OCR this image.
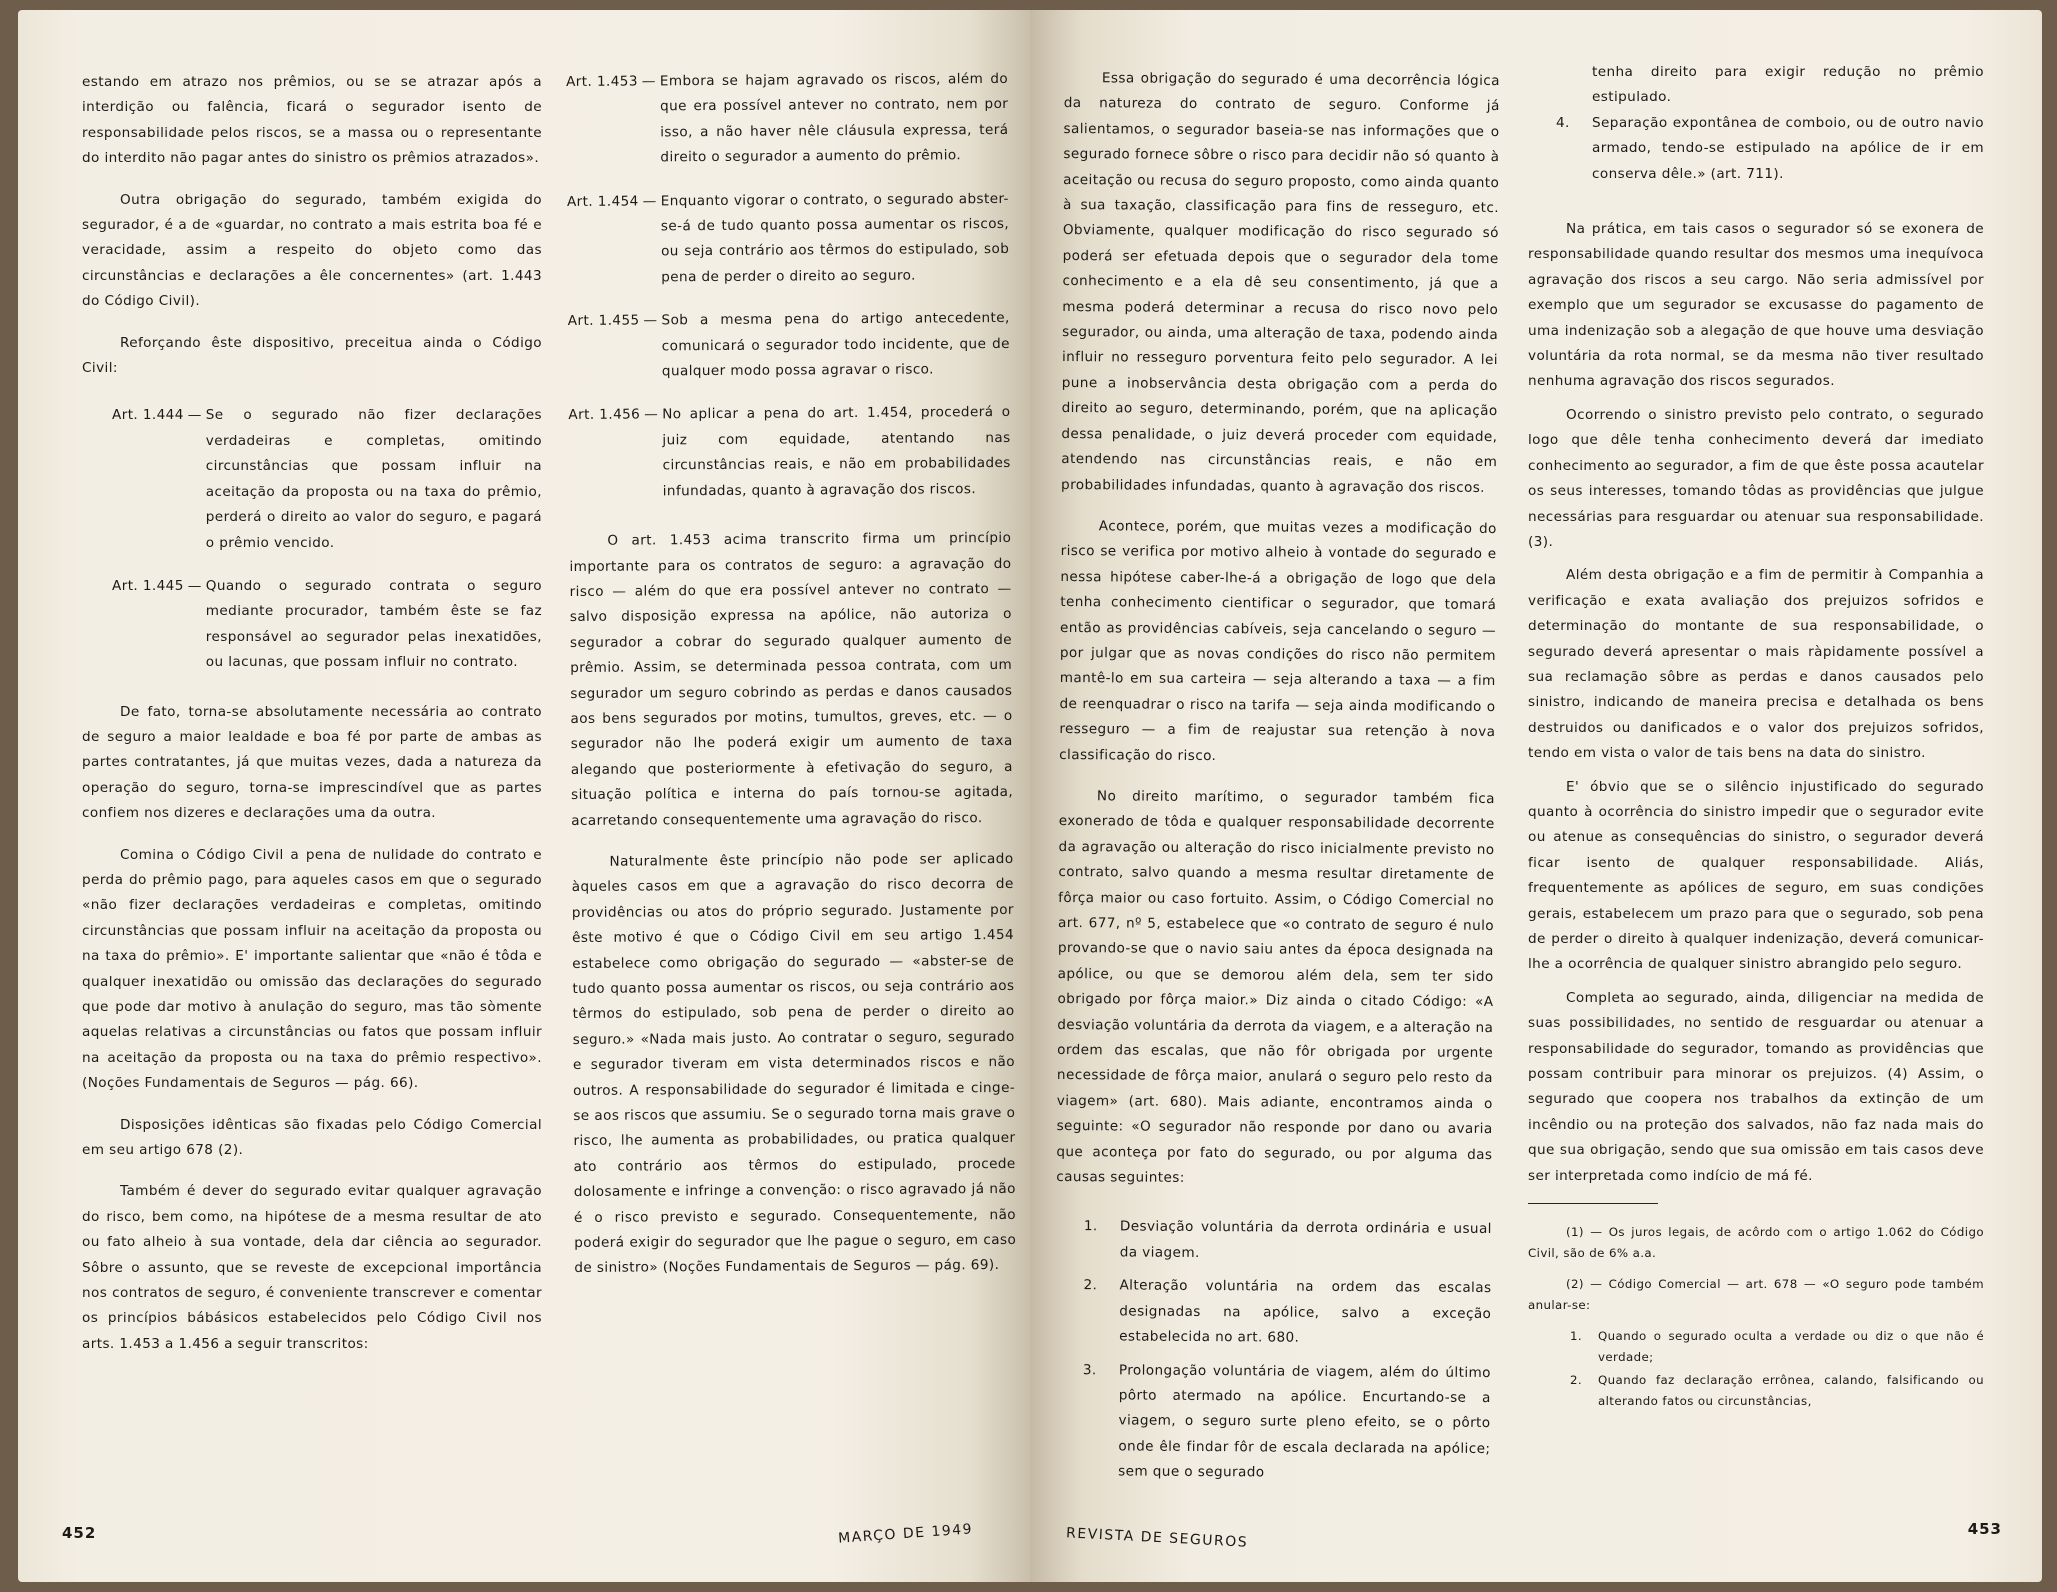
estando em atrazo nos prêmios, ou se se atrazar após a interdição ou falência, ficará o segurador isento de responsabilidade pelos riscos, se a massa ou o representante do interdito não pagar antes do sinistro os prêmios atrazados».

Outra obrigação do segurado, também exigida do segurador, é a de «guardar, no contrato a mais estrita boa fé e veracidade, assim a respeito do objeto como das circunstâncias e declarações a êle concernentes» (art. 1.443 do Código Civil).

Reforçando êste dispositivo, preceitua ainda o Código Civil:

Art. 1.444 — Se o segurado não fizer declarações verdadeiras e completas, omitindo circunstâncias que possam influir na aceitação da proposta ou na taxa do prêmio, perderá o direito ao valor do seguro, e pagará o prêmio vencido.
Art. 1.445 — Quando o segurado contrata o seguro mediante procurador, também êste se faz responsável ao segurador pelas inexatidões, ou lacunas, que possam influir no contrato.

De fato, torna-se absolutamente necessária ao contrato de seguro a maior lealdade e boa fé por parte de ambas as partes contratantes, já que muitas vezes, dada a natureza da operação do seguro, torna-se imprescindível que as partes confiem nos dizeres e declarações uma da outra.

Comina o Código Civil a pena de nulidade do contrato e perda do prêmio pago, para aqueles casos em que o segurado «não fizer declarações verdadeiras e completas, omitindo circunstâncias que possam influir na aceitação da proposta ou na taxa do prêmio». E' importante salientar que «não é tôda e qualquer inexatidão ou omissão das declarações do segurado que pode dar motivo à anulação do seguro, mas tão sòmente aquelas relativas a circunstâncias ou fatos que possam influir na aceitação da proposta ou na taxa do prêmio respectivo». (Noções Fundamentais de Seguros — pág. 66).

Disposições idênticas são fixadas pelo Código Comercial em seu artigo 678 (2).

Também é dever do segurado evitar qualquer agravação do risco, bem como, na hipótese de a mesma resultar de ato ou fato alheio à sua vontade, dela dar ciência ao segurador. Sôbre o assunto, que se reveste de excepcional importância nos contratos de seguro, é conveniente transcrever e comentar os princípios bábásicos estabelecidos pelo Código Civil nos arts. 1.453 a 1.456 a seguir transcritos:

Art. 1.453 — Embora se hajam agravado os riscos, além do que era possível antever no contrato, nem por isso, a não haver nêle cláusula expressa, terá direito o segurador a aumento do prêmio.
Art. 1.454 — Enquanto vigorar o contrato, o segurado abster-se-á de tudo quanto possa aumentar os riscos, ou seja contrário aos têrmos do estipulado, sob pena de perder o direito ao seguro.
Art. 1.455 — Sob a mesma pena do artigo antecedente, comunicará o segurador todo incidente, que de qualquer modo possa agravar o risco.
Art. 1.456 — No aplicar a pena do art. 1.454, procederá o juiz com equidade, atentando nas circunstâncias reais, e não em probabilidades infundadas, quanto à agravação dos riscos.

O art. 1.453 acima transcrito firma um princípio importante para os contratos de seguro: a agravação do risco — além do que era possível antever no contrato — salvo disposição expressa na apólice, não autoriza o segurador a cobrar do segurado qualquer aumento de prêmio. Assim, se determinada pessoa contrata, com um segurador um seguro cobrindo as perdas e danos causados aos bens segurados por motins, tumultos, greves, etc. — o segurador não lhe poderá exigir um aumento de taxa alegando que posteriormente à efetivação do seguro, a situação política e interna do país tornou-se agitada, acarretando consequentemente uma agravação do risco.

Naturalmente êste princípio não pode ser aplicado àqueles casos em que a agravação do risco decorra de providências ou atos do próprio segurado. Justamente por êste motivo é que o Código Civil em seu artigo 1.454 estabelece como obrigação do segurado — «abster-se de tudo quanto possa aumentar os riscos, ou seja contrário aos têrmos do estipulado, sob pena de perder o direito ao seguro.» «Nada mais justo. Ao contratar o seguro, segurado e segurador tiveram em vista determinados riscos e não outros. A responsabilidade do segurador é limitada e cinge-se aos riscos que assumiu. Se o segurado torna mais grave o risco, lhe aumenta as probabilidades, ou pratica qualquer ato contrário aos têrmos do estipulado, procede dolosamente e infringe a convenção: o risco agravado já não é o risco previsto e segurado. Consequentemente, não poderá exigir do segurador que lhe pague o seguro, em caso de sinistro» (Noções Fundamentais de Seguros — pág. 69).

452	MARÇO DE 1949

Essa obrigação do segurado é uma decorrência lógica da natureza do contrato de seguro. Conforme já salientamos, o segurador baseia-se nas informações que o segurado fornece sôbre o risco para decidir não só quanto à aceitação ou recusa do seguro proposto, como ainda quanto à sua taxação, classificação para fins de resseguro, etc. Obviamente, qualquer modificação do risco segurado só poderá ser efetuada depois que o segurador dela tome conhecimento e a ela dê seu consentimento, já que a mesma poderá determinar a recusa do risco novo pelo segurador, ou ainda, uma alteração de taxa, podendo ainda influir no resseguro porventura feito pelo segurador. A lei pune a inobservância desta obrigação com a perda do direito ao seguro, determinando, porém, que na aplicação dessa penalidade, o juiz deverá proceder com equidade, atendendo nas circunstâncias reais, e não em probabilidades infundadas, quanto à agravação dos riscos.

Acontece, porém, que muitas vezes a modificação do risco se verifica por motivo alheio à vontade do segurado e nessa hipótese caber-lhe-á a obrigação de logo que dela tenha conhecimento cientificar o segurador, que tomará então as providências cabíveis, seja cancelando o seguro — por julgar que as novas condições do risco não permitem mantê-lo em sua carteira — seja alterando a taxa — a fim de reenquadrar o risco na tarifa — seja ainda modificando o resseguro — a fim de reajustar sua retenção à nova classificação do risco.

No direito marítimo, o segurador também fica exonerado de tôda e qualquer responsabilidade decorrente da agravação ou alteração do risco inicialmente previsto no contrato, salvo quando a mesma resultar diretamente de fôrça maior ou caso fortuito. Assim, o Código Comercial no art. 677, nº 5, estabelece que «o contrato de seguro é nulo provando-se que o navio saiu antes da época designada na apólice, ou que se demorou além dela, sem ter sido obrigado por fôrça maior.» Diz ainda o citado Código: «A desviação voluntária da derrota da viagem, e a alteração na ordem das escalas, que não fôr obrigada por urgente necessidade de fôrça maior, anulará o seguro pelo resto da viagem» (art. 680). Mais adiante, encontramos ainda o seguinte: «O segurador não responde por dano ou avaria que aconteça por fato do segurado, ou por alguma das causas seguintes:

1.	Desviação voluntária da derrota ordinária e usual da viagem.
2.	Alteração voluntária na ordem das escalas designadas na apólice, salvo a exceção estabelecida no art. 680.
3.	Prolongação voluntária de viagem, além do último pôrto atermado na apólice. Encurtando-se a viagem, o seguro surte pleno efeito, se o pôrto onde êle findar fôr de escala declarada na apólice; sem que o segurado
tenha direito para exigir redução no prêmio estipulado.
4.	Separação expontânea de comboio, ou de outro navio armado, tendo-se estipulado na apólice de ir em conserva dêle.» (art. 711).

Na prática, em tais casos o segurador só se exonera de responsabilidade quando resultar dos mesmos uma inequívoca agravação dos riscos a seu cargo. Não seria admissível por exemplo que um segurador se excusasse do pagamento de uma indenização sob a alegação de que houve uma desviação voluntária da rota normal, se da mesma não tiver resultado nenhuma agravação dos riscos segurados.

Ocorrendo o sinistro previsto pelo contrato, o segurado logo que dêle tenha conhecimento deverá dar imediato conhecimento ao segurador, a fim de que êste possa acautelar os seus interesses, tomando tôdas as providências que julgue necessárias para resguardar ou atenuar sua responsabilidade. (3).

Além desta obrigação e a fim de permitir à Companhia a verificação e exata avaliação dos prejuizos sofridos e determinação do montante de sua responsabilidade, o segurado deverá apresentar o mais ràpidamente possível a sua reclamação sôbre as perdas e danos causados pelo sinistro, indicando de maneira precisa e detalhada os bens destruidos ou danificados e o valor dos prejuizos sofridos, tendo em vista o valor de tais bens na data do sinistro.

E' óbvio que se o silêncio injustificado do segurado quanto à ocorrência do sinistro impedir que o segurador evite ou atenue as consequências do sinistro, o segurador deverá ficar isento de qualquer responsabilidade. Aliás, frequentemente as apólices de seguro, em suas condições gerais, estabelecem um prazo para que o segurado, sob pena de perder o direito à qualquer indenização, deverá comunicar-lhe a ocorrência de qualquer sinistro abrangido pelo seguro.

Completa ao segurado, ainda, diligenciar na medida de suas possibilidades, no sentido de resguardar ou atenuar a responsabilidade do segurador, tomando as providências que possam contribuir para minorar os prejuizos. (4) Assim, o segurado que coopera nos trabalhos da extinção de um incêndio ou na proteção dos salvados, não faz nada mais do que sua obrigação, sendo que sua omissão em tais casos deve ser interpretada como indício de má fé.

(1) — Os juros legais, de acôrdo com o artigo 1.062 do Código Civil, são de 6% a.a.

(2) — Código Comercial — art. 678 — «O seguro pode também anular-se:

1.	Quando o segurado oculta a verdade ou diz o que não é verdade;
2.	Quando faz declaração errônea, calando, falsificando ou alterando fatos ou circunstâncias,
REVISTA DE SEGUROS	453
